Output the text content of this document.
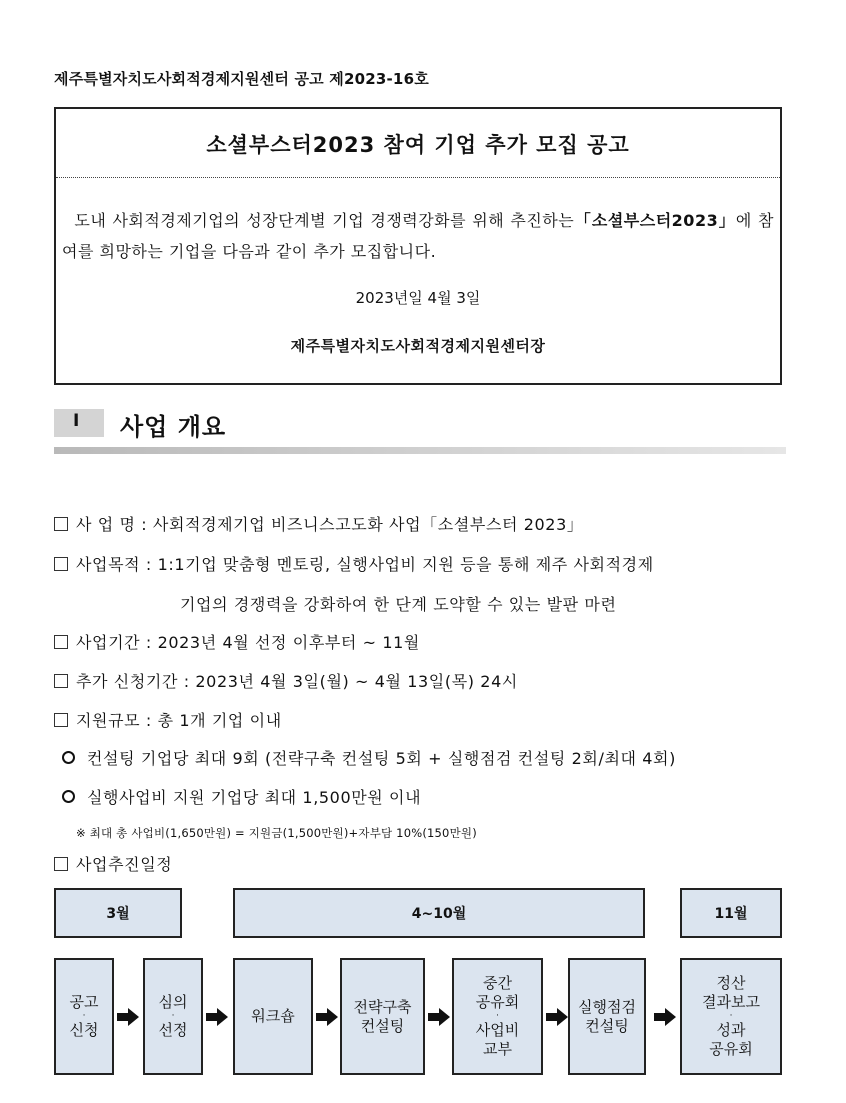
제주특별자치도사회적경제지원센터 공고 제2023-16호
소셜부스터2023 참여 기업 추가 모집 공고
도내 사회적경제기업의 성장단계별 기업 경쟁력강화를 위해 추진하는「소셜부스터2023」에 참여를 희망하는 기업을 다음과 같이 추가 모집합니다.
2023년일 4월 3일
제주특별자치도사회적경제지원센터장
I 사업 개요
사 업 명 : 사회적경제기업 비즈니스고도화 사업「소셜부스터 2023」
사업목적 : 1:1기업 맞춤형 멘토링, 실행사업비 지원 등을 통해 제주 사회적경제
기업의 경쟁력을 강화하여 한 단계 도약할 수 있는 발판 마련
사업기간 : 2023년 4월 선정 이후부터 ~ 11월
추가 신청기간 : 2023년 4월 3일(월) ~ 4월 13일(목) 24시
지원규모 : 총 1개 기업 이내
컨설팅 기업당 최대 9회 (전략구축 컨설팅 5회 + 실행점검 컨설팅 2회/최대 4회)
실행사업비 지원 기업당 최대 1,500만원 이내
※ 최대 총 사업비(1,650만원) = 지원금(1,500만원)+자부담 10%(150만원)
사업추진일정
3월	4~10월	11월
공고
·
신청
심의
·
선정
워크숍
전략구축
컨설팅
중간
공유회
·
사업비
교부
실행점검
컨설팅
정산
결과보고
·
성과
공유회
